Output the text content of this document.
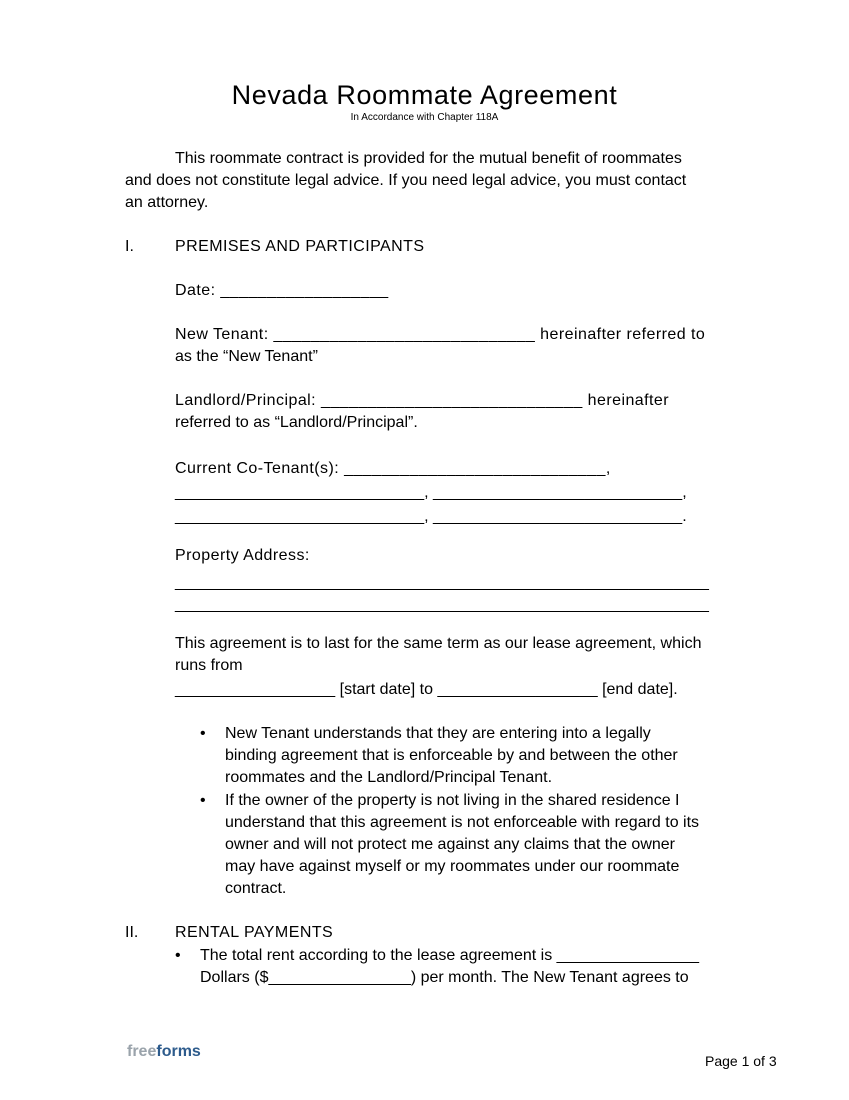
Nevada Roommate Agreement
In Accordance with Chapter 118A
This roommate contract is provided for the mutual benefit of roommates
and does not constitute legal advice. If you need legal advice, you must contact
an attorney.
I.	PREMISES AND PARTICIPANTS
Date: __________________
New Tenant: ____________________________ hereinafter referred to
as the “New Tenant”
Landlord/Principal: ____________________________ hereinafter
referred to as “Landlord/Principal”.
Current Co-Tenant(s): ____________________________,
____________________________, ____________________________,
____________________________, ____________________________.
Property Address:
____________________________________________________________
____________________________________________________________
This agreement is to last for the same term as our lease agreement, which
runs from
__________________ [start date] to __________________ [end date].
• New Tenant understands that they are entering into a legally
binding agreement that is enforceable by and between the other
roommates and the Landlord/Principal Tenant.
• If the owner of the property is not living in the shared residence I
understand that this agreement is not enforceable with regard to its
owner and will not protect me against any claims that the owner
may have against myself or my roommates under our roommate
contract.
II. RENTAL PAYMENTS
• The total rent according to the lease agreement is ________________
Dollars ($________________) per month. The New Tenant agrees to
freeforms
Page 1 of 3
